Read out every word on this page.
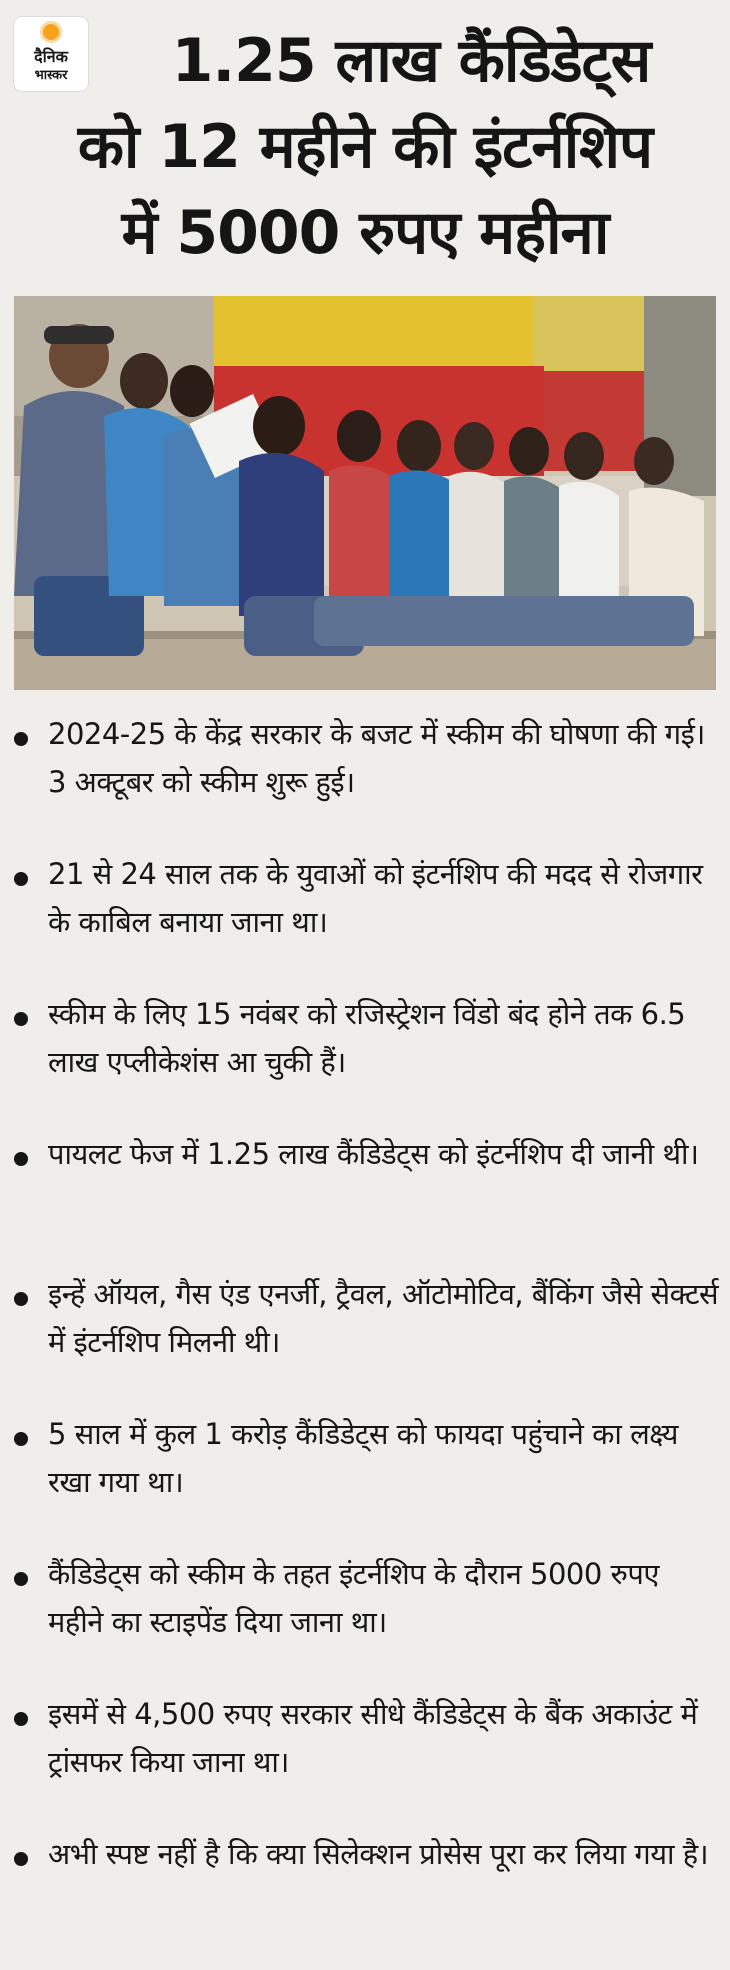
दैनिक
भास्कर	1.25 लाख कैंडिडेट्स
को 12 महीने की इंटर्नशिप
में 5000 रुपए महीना
2024-25 के केंद्र सरकार के बजट में स्कीम की घोषणा की गई। 3 अक्टूबर को स्कीम शुरू हुई।
21 से 24 साल तक के युवाओं को इंटर्नशिप की मदद से रोजगार के काबिल बनाया जाना था।
स्कीम के लिए 15 नवंबर को रजिस्ट्रेशन विंडो बंद होने तक 6.5 लाख एप्लीकेशंस आ चुकी हैं।
पायलट फेज में 1.25 लाख कैंडिडेट्स को इंटर्नशिप दी जानी थी।
इन्हें ऑयल, गैस एंड एनर्जी, ट्रैवल, ऑटोमोटिव, बैंकिंग जैसे सेक्टर्स में इंटर्नशिप मिलनी थी।
5 साल में कुल 1 करोड़ कैंडिडेट्स को फायदा पहुंचाने का लक्ष्य रखा गया था।
कैंडिडेट्स को स्कीम के तहत इंटर्नशिप के दौरान 5000 रुपए महीने का स्टाइपेंड दिया जाना था।
इसमें से 4,500 रुपए सरकार सीधे कैंडिडेट्स के बैंक अकाउंट में ट्रांसफर किया जाना था।
अभी स्पष्ट नहीं है कि क्या सिलेक्शन प्रोसेस पूरा कर लिया गया है।
